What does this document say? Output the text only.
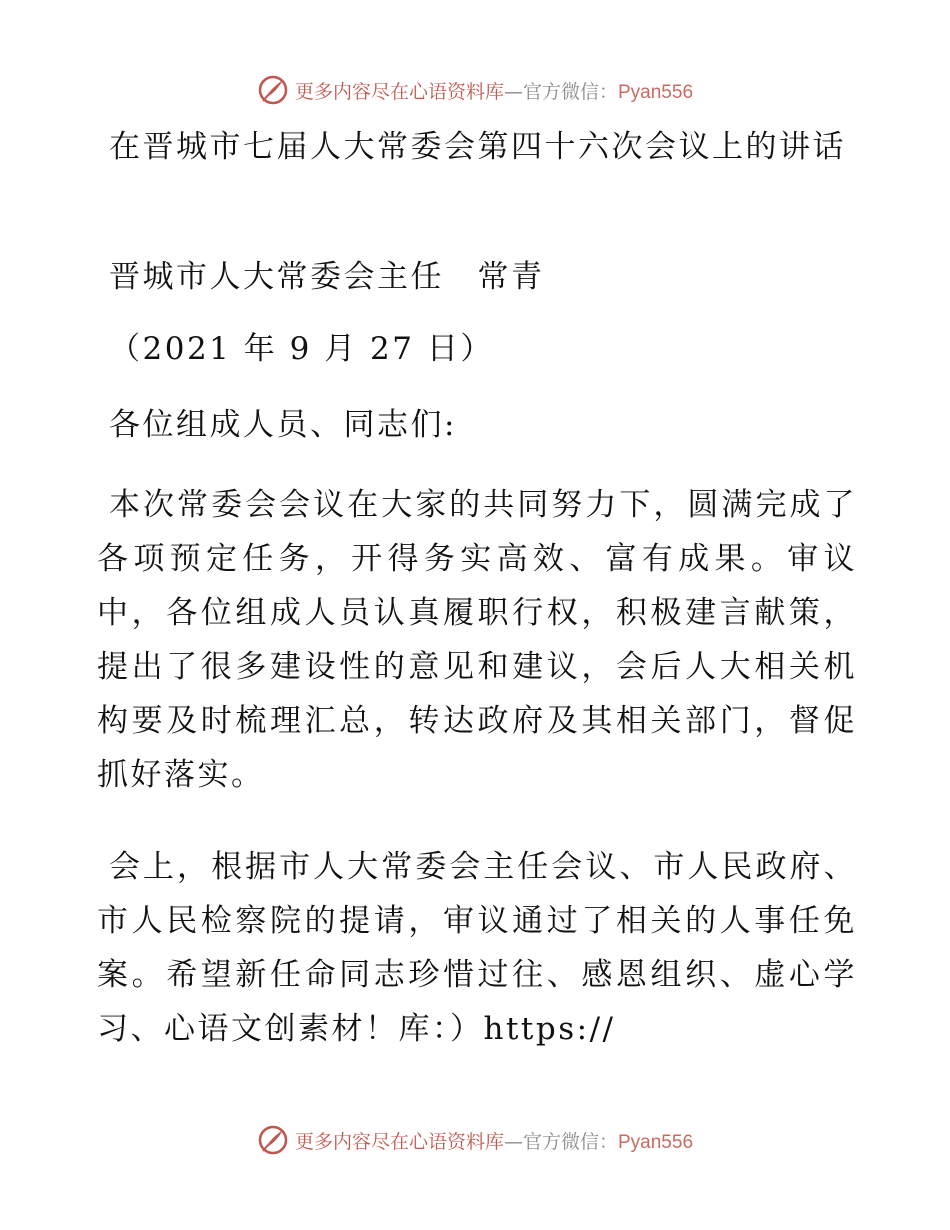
更多内容尽在心语资料库—官方微信：Pyan556
在晋城市七届人大常委会第四十六次会议上的讲话

晋城市人大常委会主任　常青

（2021 年 9 月 27 日）

各位组成人员、同志们:

本次常委会会议在大家的共同努力下，圆满完成了各项预定任务，开得务实高效、富有成果。审议中，各位组成人员认真履职行权，积极建言献策，提出了很多建设性的意见和建议，会后人大相关机构要及时梳理汇总，转达政府及其相关部门，督促抓好落实。

会上，根据市人大常委会主任会议、市人民政府、市人民检察院的提请，审议通过了相关的人事任免案。希望新任命同志珍惜过往、感恩组织、虚心学习、心语文创素材！库：）https://

更多内容尽在心语资料库—官方微信：Pyan556
